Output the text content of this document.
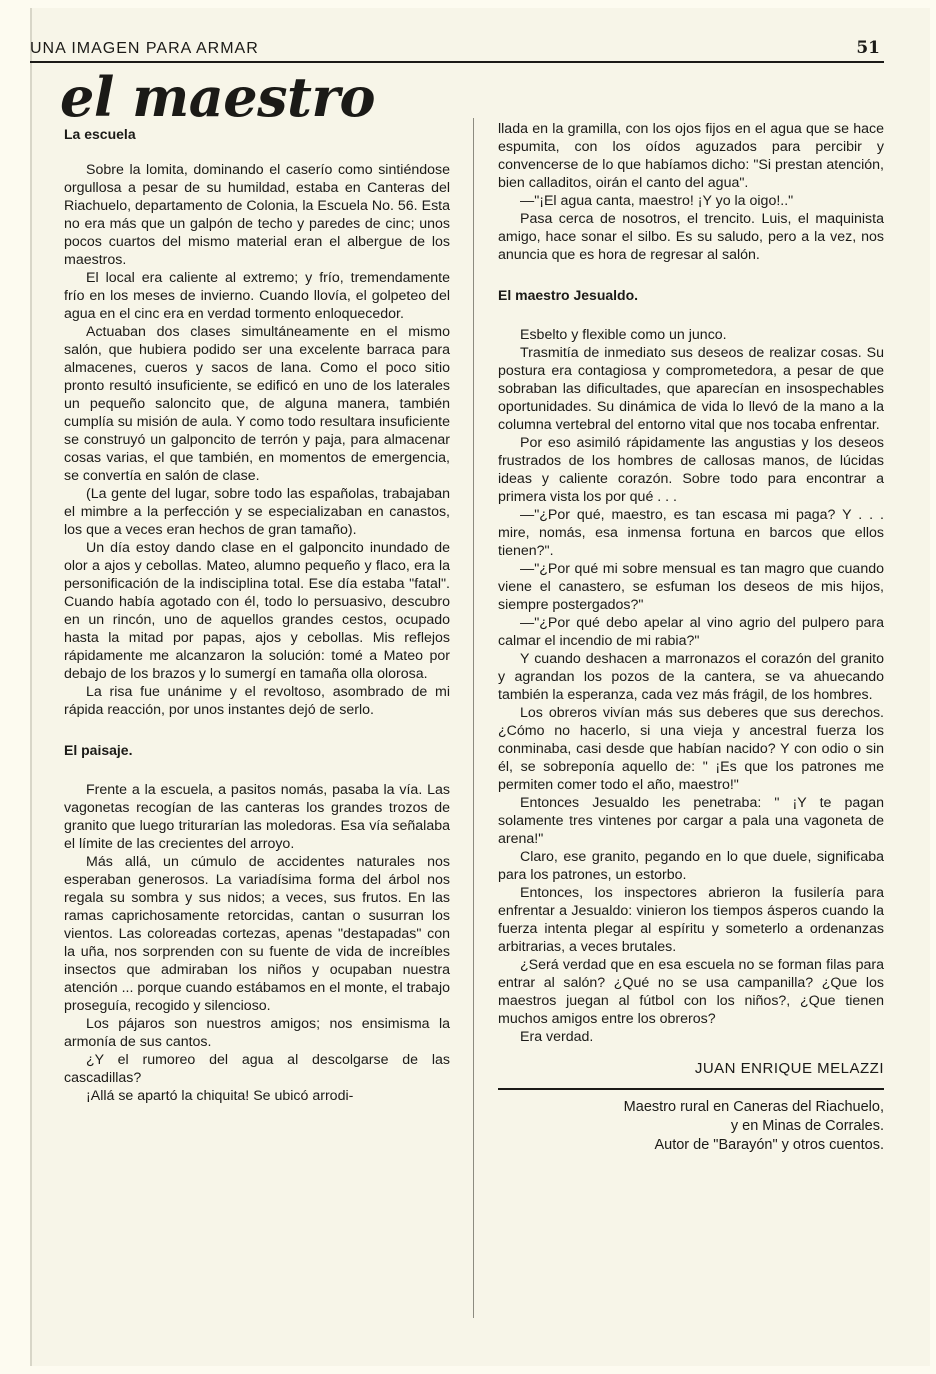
UNA IMAGEN PARA ARMAR	51
el maestro
La escuela

Sobre la lomita, dominando el caserío como sintiéndose orgullosa a pesar de su humildad, estaba en Canteras del Riachuelo, departamento de Colonia, la Escuela No. 56. Esta no era más que un galpón de techo y paredes de cinc; unos pocos cuartos del mismo material eran el albergue de los maestros.

El local era caliente al extremo; y frío, tremendamente frío en los meses de invierno. Cuando llovía, el golpeteo del agua en el cinc era en verdad tormento enloquecedor.

Actuaban dos clases simultáneamente en el mismo salón, que hubiera podido ser una excelente barraca para almacenes, cueros y sacos de lana. Como el poco sitio pronto resultó insuficiente, se edificó en uno de los laterales un pequeño saloncito que, de alguna manera, también cumplía su misión de aula. Y como todo resultara insuficiente se construyó un galponcito de terrón y paja, para almacenar cosas varias, el que también, en momentos de emergencia, se convertía en salón de clase.

(La gente del lugar, sobre todo las españolas, trabajaban el mimbre a la perfección y se especializaban en canastos, los que a veces eran hechos de gran tamaño).

Un día estoy dando clase en el galponcito inundado de olor a ajos y cebollas. Mateo, alumno pequeño y flaco, era la personificación de la indisciplina total. Ese día estaba "fatal". Cuando había agotado con él, todo lo persuasivo, descubro en un rincón, uno de aquellos grandes cestos, ocupado hasta la mitad por papas, ajos y cebollas. Mis reflejos rápidamente me alcanzaron la solución: tomé a Mateo por debajo de los brazos y lo sumergí en tamaña olla olorosa.

La risa fue unánime y el revoltoso, asombrado de mi rápida reacción, por unos instantes dejó de serlo.

El paisaje.

Frente a la escuela, a pasitos nomás, pasaba la vía. Las vagonetas recogían de las canteras los grandes trozos de granito que luego triturarían las moledoras. Esa vía señalaba el límite de las crecientes del arroyo.

Más allá, un cúmulo de accidentes naturales nos esperaban generosos. La variadísima forma del árbol nos regala su sombra y sus nidos; a veces, sus frutos. En las ramas caprichosamente retorcidas, cantan o susurran los vientos. Las coloreadas cortezas, apenas "destapadas" con la uña, nos sorprenden con su fuente de vida de increíbles insectos que admiraban los niños y ocupaban nuestra atención ... porque cuando estábamos en el monte, el trabajo proseguía, recogido y silencioso.

Los pájaros son nuestros amigos; nos ensimisma la armonía de sus cantos.

¿Y el rumoreo del agua al descolgarse de las cascadillas?

¡Allá se apartó la chiquita! Se ubicó arrodi-

llada en la gramilla, con los ojos fijos en el agua que se hace espumita, con los oídos aguzados para percibir y convencerse de lo que habíamos dicho: "Si prestan atención, bien calladitos, oirán el canto del agua".

—"¡El agua canta, maestro! ¡Y yo la oigo!.."

Pasa cerca de nosotros, el trencito. Luis, el maquinista amigo, hace sonar el silbo. Es su saludo, pero a la vez, nos anuncia que es hora de regresar al salón.

El maestro Jesualdo.

Esbelto y flexible como un junco.

Trasmitía de inmediato sus deseos de realizar cosas. Su postura era contagiosa y comprometedora, a pesar de que sobraban las dificultades, que aparecían en insospechables oportunidades. Su dinámica de vida lo llevó de la mano a la columna vertebral del entorno vital que nos tocaba enfrentar.

Por eso asimiló rápidamente las angustias y los deseos frustrados de los hombres de callosas manos, de lúcidas ideas y caliente corazón. Sobre todo para encontrar a primera vista los por qué . . .

—"¿Por qué, maestro, es tan escasa mi paga? Y . . . mire, nomás, esa inmensa fortuna en barcos que ellos tienen?".

—"¿Por qué mi sobre mensual es tan magro que cuando viene el canastero, se esfuman los deseos de mis hijos, siempre postergados?"

—"¿Por qué debo apelar al vino agrio del pulpero para calmar el incendio de mi rabia?"

Y cuando deshacen a marronazos el corazón del granito y agrandan los pozos de la cantera, se va ahuecando también la esperanza, cada vez más frágil, de los hombres.

Los obreros vivían más sus deberes que sus derechos. ¿Cómo no hacerlo, si una vieja y ancestral fuerza los conminaba, casi desde que habían nacido? Y con odio o sin él, se sobreponía aquello de: " ¡Es que los patrones me permiten comer todo el año, maestro!"

Entonces Jesualdo les penetraba: " ¡Y te pagan solamente tres vintenes por cargar a pala una vagoneta de arena!"

Claro, ese granito, pegando en lo que duele, significaba para los patrones, un estorbo.

Entonces, los inspectores abrieron la fusilería para enfrentar a Jesualdo: vinieron los tiempos ásperos cuando la fuerza intenta plegar al espíritu y someterlo a ordenanzas arbitrarias, a veces brutales.

¿Será verdad que en esa escuela no se forman filas para entrar al salón? ¿Qué no se usa campanilla? ¿Que los maestros juegan al fútbol con los niños?, ¿Que tienen muchos amigos entre los obreros?

Era verdad.

JUAN ENRIQUE MELAZZI
Maestro rural en Caneras del Riachuelo,
y en Minas de Corrales.
Autor de "Barayón" y otros cuentos.
